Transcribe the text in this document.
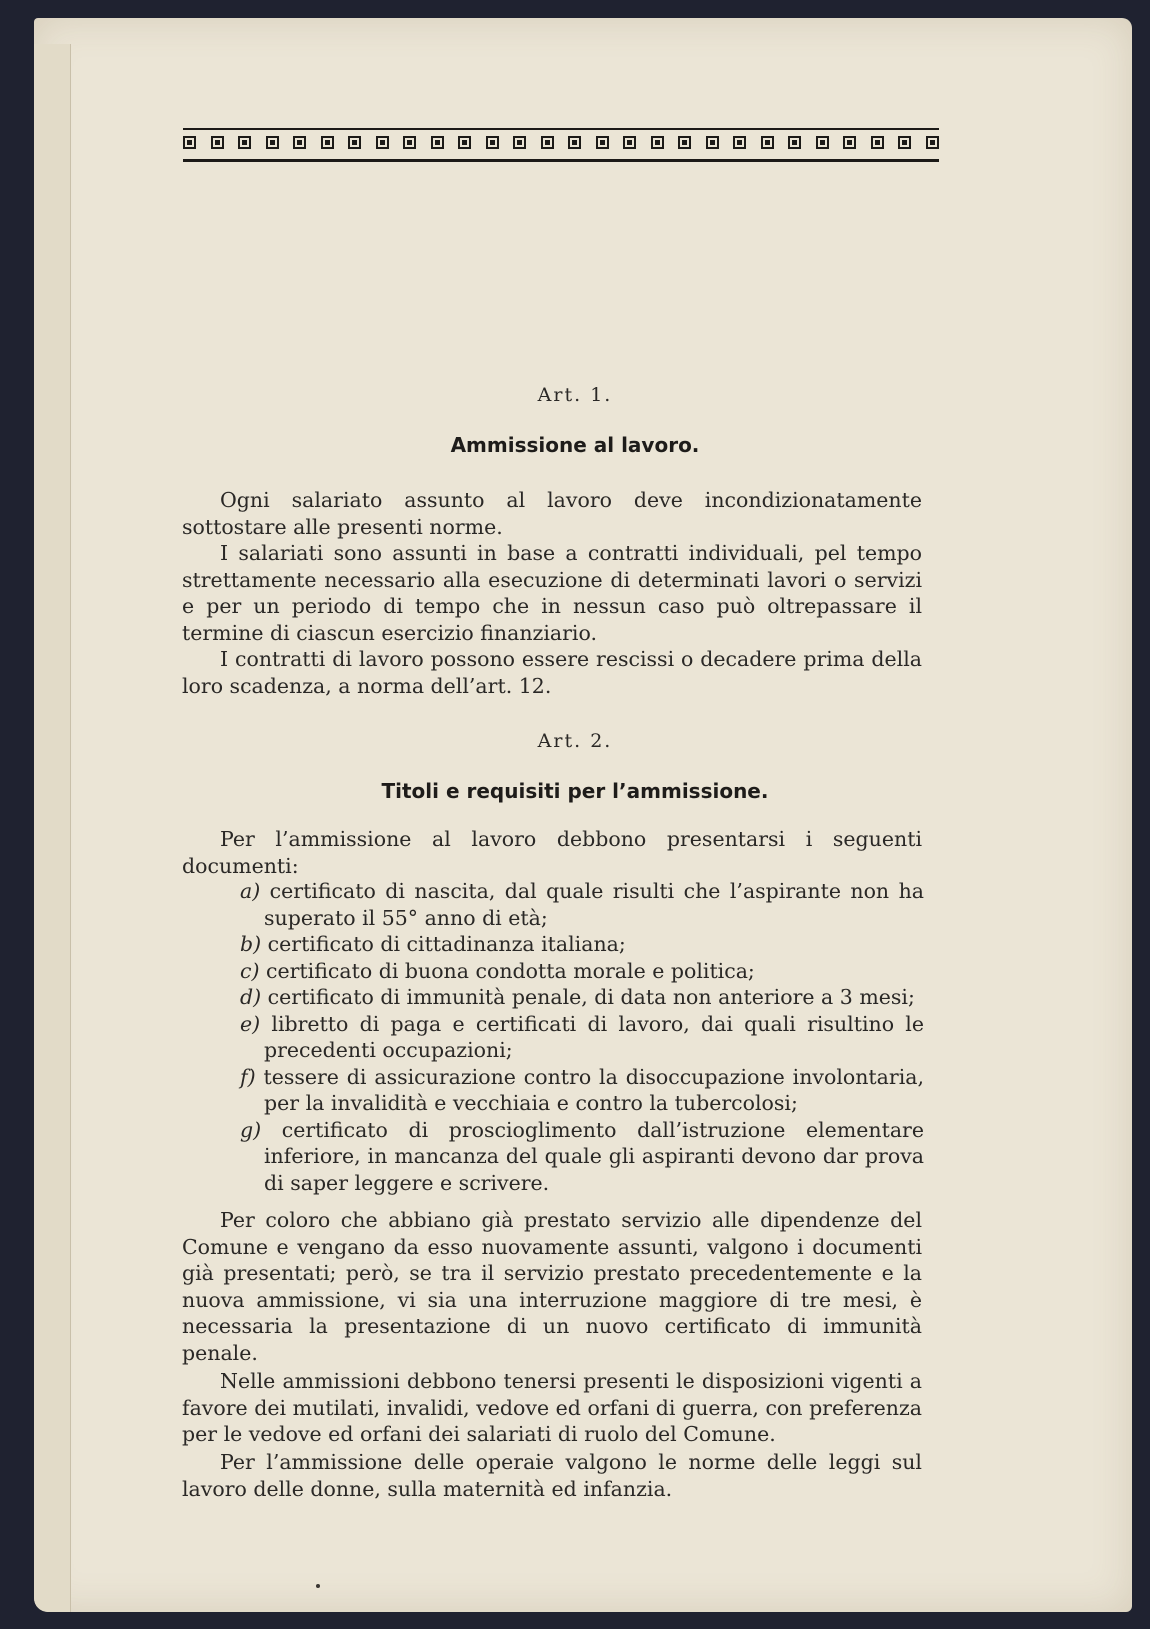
Art. 1.
Ammissione al lavoro.

Ogni salariato assunto al lavoro deve incondizionatamente sottostare alle presenti norme.

I salariati sono assunti in base a contratti individuali, pel tempo strettamente necessario alla esecuzione di determinati lavori o servizi e per un periodo di tempo che in nessun caso può oltrepassare il termine di ciascun esercizio finanziario.

I contratti di lavoro possono essere rescissi o decadere prima della loro scadenza, a norma dell’art. 12.

Art. 2.
Titoli e requisiti per l’ammissione.

Per l’ammissione al lavoro debbono presentarsi i seguenti documenti:

a) certificato di nascita, dal quale risulti che l’aspirante non ha superato il 55° anno di età;

b) certificato di cittadinanza italiana;

c) certificato di buona condotta morale e politica;

d) certificato di immunità penale, di data non anteriore a 3 mesi;

e) libretto di paga e certificati di lavoro, dai quali risultino le precedenti occupazioni;

f) tessere di assicurazione contro la disoccupazione involontaria, per la invalidità e vecchiaia e contro la tubercolosi;

g) certificato di proscioglimento dall’istruzione elementare inferiore, in mancanza del quale gli aspiranti devono dar prova di saper leggere e scrivere.

Per coloro che abbiano già prestato servizio alle dipendenze del Comune e vengano da esso nuovamente assunti, valgono i documenti già presentati; però, se tra il servizio prestato precedentemente e la nuova ammissione, vi sia una interruzione maggiore di tre mesi, è necessaria la presentazione di un nuovo certificato di immunità penale.

Nelle ammissioni debbono tenersi presenti le disposizioni vigenti a favore dei mutilati, invalidi, vedove ed orfani di guerra, con preferenza per le vedove ed orfani dei salariati di ruolo del Comune.

Per l’ammissione delle operaie valgono le norme delle leggi sul lavoro delle donne, sulla maternità ed infanzia.
